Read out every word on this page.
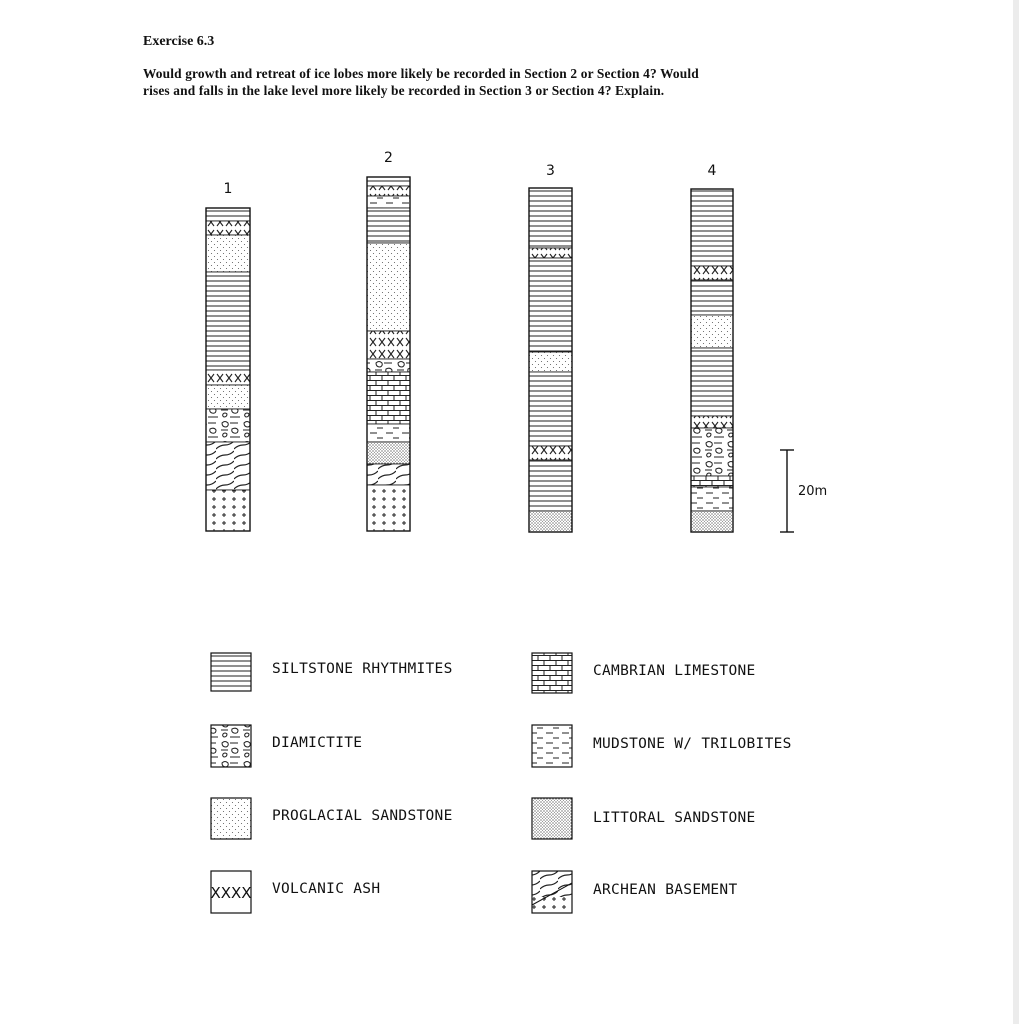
Exercise 6.3
Would growth and retreat of ice lobes more likely be recorded in Section 2 or Section 4? Would
rises and falls in the lake level more likely be recorded in Section 3 or Section 4? Explain.
1
2
3	4
20m
XXXX
SILTSTONE RHYTHMITES
DIAMICTITE
PROGLACIAL SANDSTONE
VOLCANIC ASH
CAMBRIAN LIMESTONE
MUDSTONE W/ TRILOBITES
LITTORAL SANDSTONE
ARCHEAN BASEMENT
